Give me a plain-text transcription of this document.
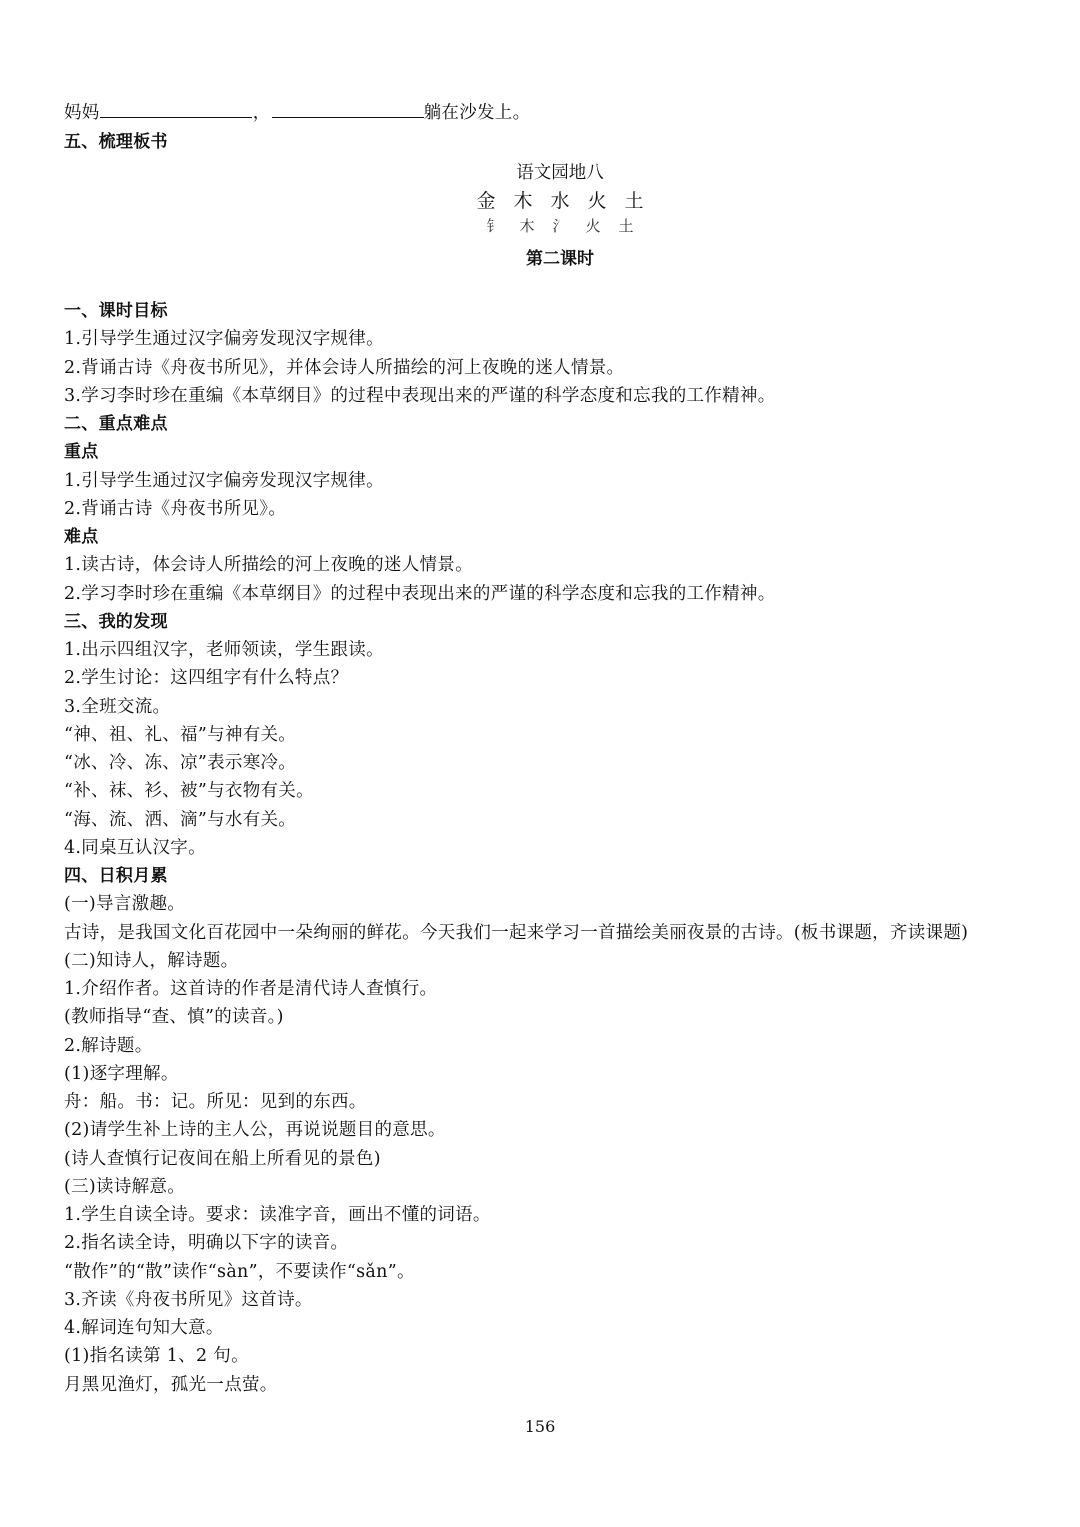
妈妈	，	躺在沙发上。
五、梳理板书
语文园地八
金 木 水 火 土
钅 木 氵 火 土
第二课时
一、课时目标
1.引导学生通过汉字偏旁发现汉字规律。
2.背诵古诗《舟夜书所见》，并体会诗人所描绘的河上夜晚的迷人情景。
3.学习李时珍在重编《本草纲目》的过程中表现出来的严谨的科学态度和忘我的工作精神。
二、重点难点
重点
1.引导学生通过汉字偏旁发现汉字规律。
2.背诵古诗《舟夜书所见》。
难点
1.读古诗，体会诗人所描绘的河上夜晚的迷人情景。
2.学习李时珍在重编《本草纲目》的过程中表现出来的严谨的科学态度和忘我的工作精神。
三、我的发现
1.出示四组汉字，老师领读，学生跟读。
2.学生讨论：这四组字有什么特点？
3.全班交流。
“神、祖、礼、福”与神有关。
“冰、冷、冻、凉”表示寒冷。
“补、袜、衫、被”与衣物有关。
“海、流、洒、滴”与水有关。
4.同桌互认汉字。
四、日积月累
(一)导言激趣。
古诗，是我国文化百花园中一朵绚丽的鲜花。今天我们一起来学习一首描绘美丽夜景的古诗。(板书课题，齐读课题)
(二)知诗人，解诗题。
1.介绍作者。这首诗的作者是清代诗人查慎行。
(教师指导“查、慎”的读音。)
2.解诗题。
(1)逐字理解。
舟：船。书：记。所见：见到的东西。
(2)请学生补上诗的主人公，再说说题目的意思。
(诗人查慎行记夜间在船上所看见的景色)
(三)读诗解意。
1.学生自读全诗。要求：读准字音，画出不懂的词语。
2.指名读全诗，明确以下字的读音。
“散作”的“散”读作“sàn”，不要读作“sǎn”。
3.齐读《舟夜书所见》这首诗。
4.解词连句知大意。
(1)指名读第 1、2 句。
月黑见渔灯，孤光一点萤。
156
